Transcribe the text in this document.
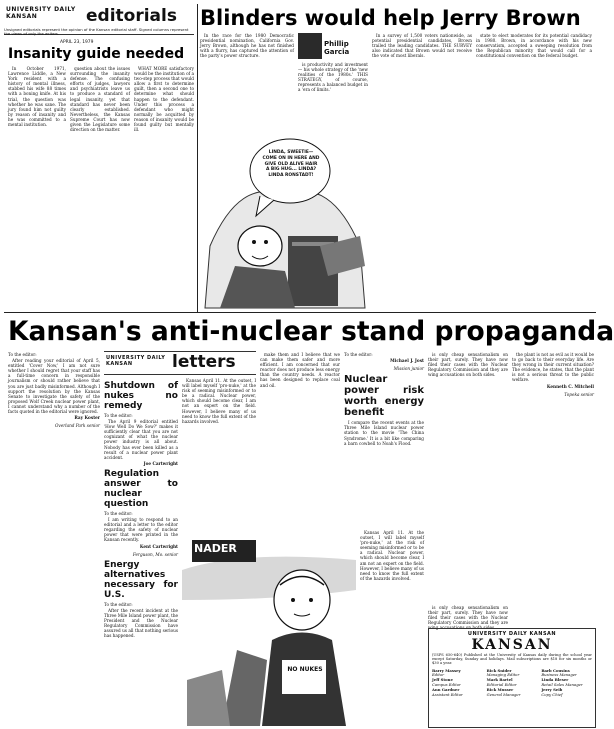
UNIVERSITY DAILY KANSAN	editorials
Unsigned editorials represent the opinion of the Kansan editorial staff. Signed columns represent the views of only the writers.
APRIL 23, 1979
Insanity guide needed

In October 1971, Lawrence Liddle, a New York resident with a history of mental illness, stabbed his wife 88 times with a boning knife. At his trial, the question was whether he was sane. The jury found him not guilty by reason of insanity and he was committed to a mental institution.

question about the issues surrounding the insanity defense. The confusing efforts of judges, lawyers and psychiatrists leave us to produce a standard of legal insanity, yet that standard has never been clearly established. Nevertheless, the Kansas Supreme Court has now given the Legislature some direction on the matter.

WHAT MORE satisfactory would be the institution of a two-step process that would allow a first to determine guilt, then a second one to determine what should happen to the defendant. Under this process a defendant who might normally be acquitted by reason of insanity would be found guilty but mentally ill.

Blinders would help Jerry Brown
Phillip Garcia

In the race for the 1980 Democratic presidential nomination, California Gov. Jerry Brown, although he has not finished with a flurry, has captured the attention of the party's power structure.

is productivity and investment — his whole strategy of the 'new realities of the 1980s.' THIS STRATEGY, of course, represents a balanced budget in a 'era of limits.'

In a survey of 1,500 voters nationwide, as potential presidential candidates, Brown trailed the leading candidates. THE SURVEY also indicated that Brown would not receive the vote of most liberals.

state to elect moderates for its potential candidacy in 1980. Brown, in accordance with his new conservatism, accepted a sweeping resolution from the Republican minority that would call for a constitutional convention on the federal budget.

LINDA, SWEETIE—
COME ON IN HERE AND
GIVE OLD ALIVE HAIR
A BIG HUG... LINDA?
LINDA RONSTADT!
Kansan's anti-nuclear stand propaganda

To the editor:

After reading your editorial of April 5, entitled 'Cover Now,' I am not sure whether I should regret that your staff has a full-time concern in responsible journalism or should rather believe that you are just badly misinformed. Although I support the resolution by the Kansas Senate to investigate the safety of the proposed Wolf Creek nuclear power plant, I cannot understand why a number of the facts quoted in the editorial were ignored.

Ray Koster
Overland Park senior
UNIVERSITY DAILY KANSAN	letters
Shutdown of nukes no remedy

To the editor:

The April 9 editorial entitled 'How Well Do We Sow?' makes it sufficiently clear that you are not cognizant of what the nuclear power industry is all about. Nobody has ever been killed as a result of a nuclear power plant accident.

Joe Cartwright
Regulation answer to nuclear question

To the editor:

I am writing to respond to an editorial and a letter to the editor regarding the safety of nuclear power that were printed in the Kansan recently.

Kent Cartwright
Ferguson, Mo. senior
Energy alternatives necessary for U.S.

To the editor:

After the recent incident at the Three Mile Island power plant, the President and the Nuclear Regulatory Commission have assured us all that nothing serious has happened.

Kansas April 11. At the outset, I will label myself 'pro-nuke,' at the risk of seeming misinformed or to be a radical. Nuclear power, which should become clear, I am not an expert on the field. However, I believe many of us need to know the full extent of the hazards involved.

make them and I believe that we can make them safer and more efficient. I am concerned that our reactor does not produce less energy than the country needs. A reactor has been designed to replace coal and oil.

To the editor:

Michael J. Jost
Mission junior
Nuclear power risk worth energy benefit

I compare the recent events at the Three Mile Island nuclear power station to the movie 'The China Syndrome.' It is a bit like comparing a barn cowbell to Noah's Flood.

is only cheap sensationalism on their part, surely. They have now filed their cases with the Nuclear Regulatory Commission and they are wing accusations on both sides.

the plant is not as evil as it would be to go back to their everyday life. Are they wrong in their current situation? The evidence, he states, that the plant is not a serious threat to the public welfare.

Kenneth C. Mitchell
Topeka senior
NADER
NO NUKES

Kansas April 11. At the outset, I will label myself 'pro-nuke,' at the risk of seeming misinformed or to be a radical. Nuclear power, which should become clear, I am not an expert on the field. However, I believe many of us need to know the full extent of the hazards involved.

is only cheap sensationalism on their part, surely. They have now filed their cases with the Nuclear Regulatory Commission and they are wing accusations on both sides.

UNIVERSITY DAILY KANSAN
KANSAN
(USPS 650-640) Published at the University of Kansas daily during the school year except Saturday, Sunday and holidays. Mail subscriptions are $18 for six months or $30 a year.
Barry Massey
Editor
Rick Snider
Managing Editor
Barb Cousins
Business Manager
Jeff Stone
Campus Editor
Mark Bartel
Editorial Editor
Linda Bleser
Retail Sales Manager
Ann Gardner
Assistant Editor
Rick Musser
General Manager
Jerry Seib
Copy Chief
